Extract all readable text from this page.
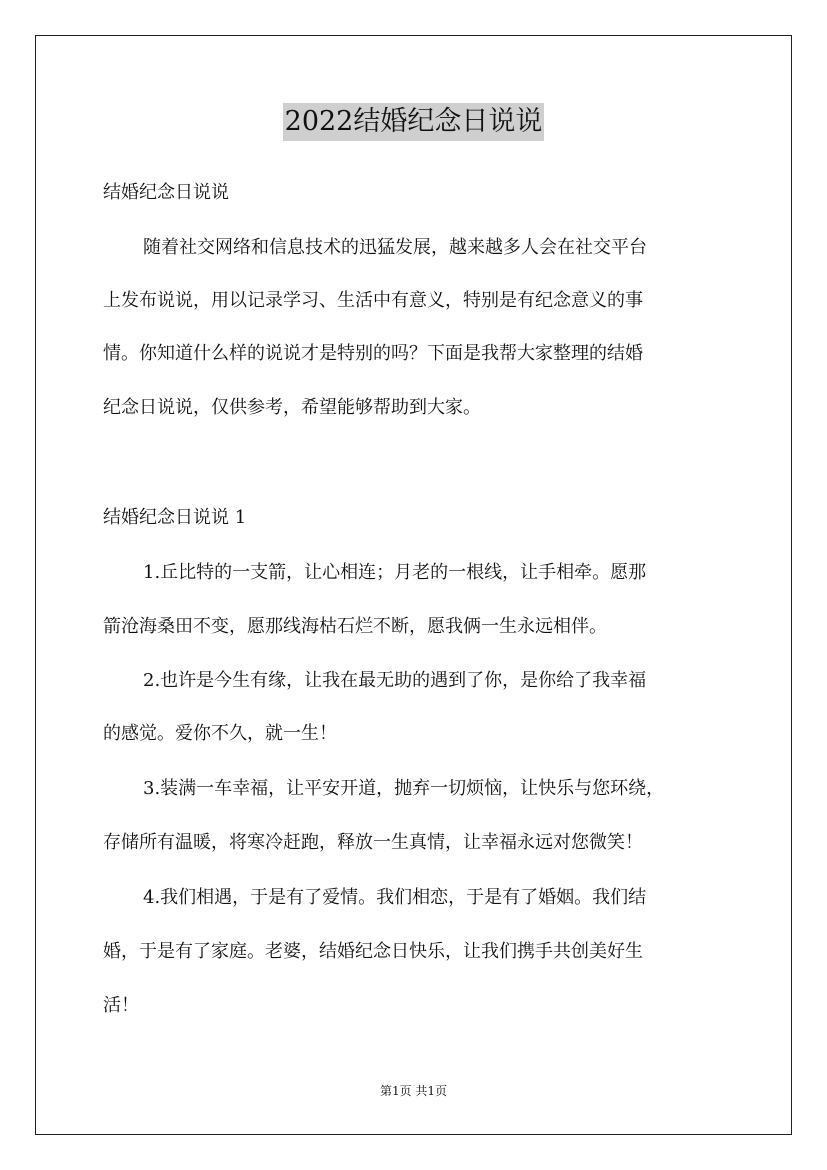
2022结婚纪念日说说
结婚纪念日说说
随着社交网络和信息技术的迅猛发展，越来越多人会在社交平台
上发布说说，用以记录学习、生活中有意义，特别是有纪念意义的事
情。你知道什么样的说说才是特别的吗？下面是我帮大家整理的结婚
纪念日说说，仅供参考，希望能够帮助到大家。
结婚纪念日说说 1
1.丘比特的一支箭，让心相连；月老的一根线，让手相牵。愿那
箭沧海桑田不变，愿那线海枯石烂不断，愿我俩一生永远相伴。
2.也许是今生有缘，让我在最无助的遇到了你，是你给了我幸福
的感觉。爱你不久，就一生！
3.装满一车幸福，让平安开道，抛弃一切烦恼，让快乐与您环绕，
存储所有温暖，将寒冷赶跑，释放一生真情，让幸福永远对您微笑！
4.我们相遇，于是有了爱情。我们相恋，于是有了婚姻。我们结
婚，于是有了家庭。老婆，结婚纪念日快乐，让我们携手共创美好生
活！
第1页 共1页
